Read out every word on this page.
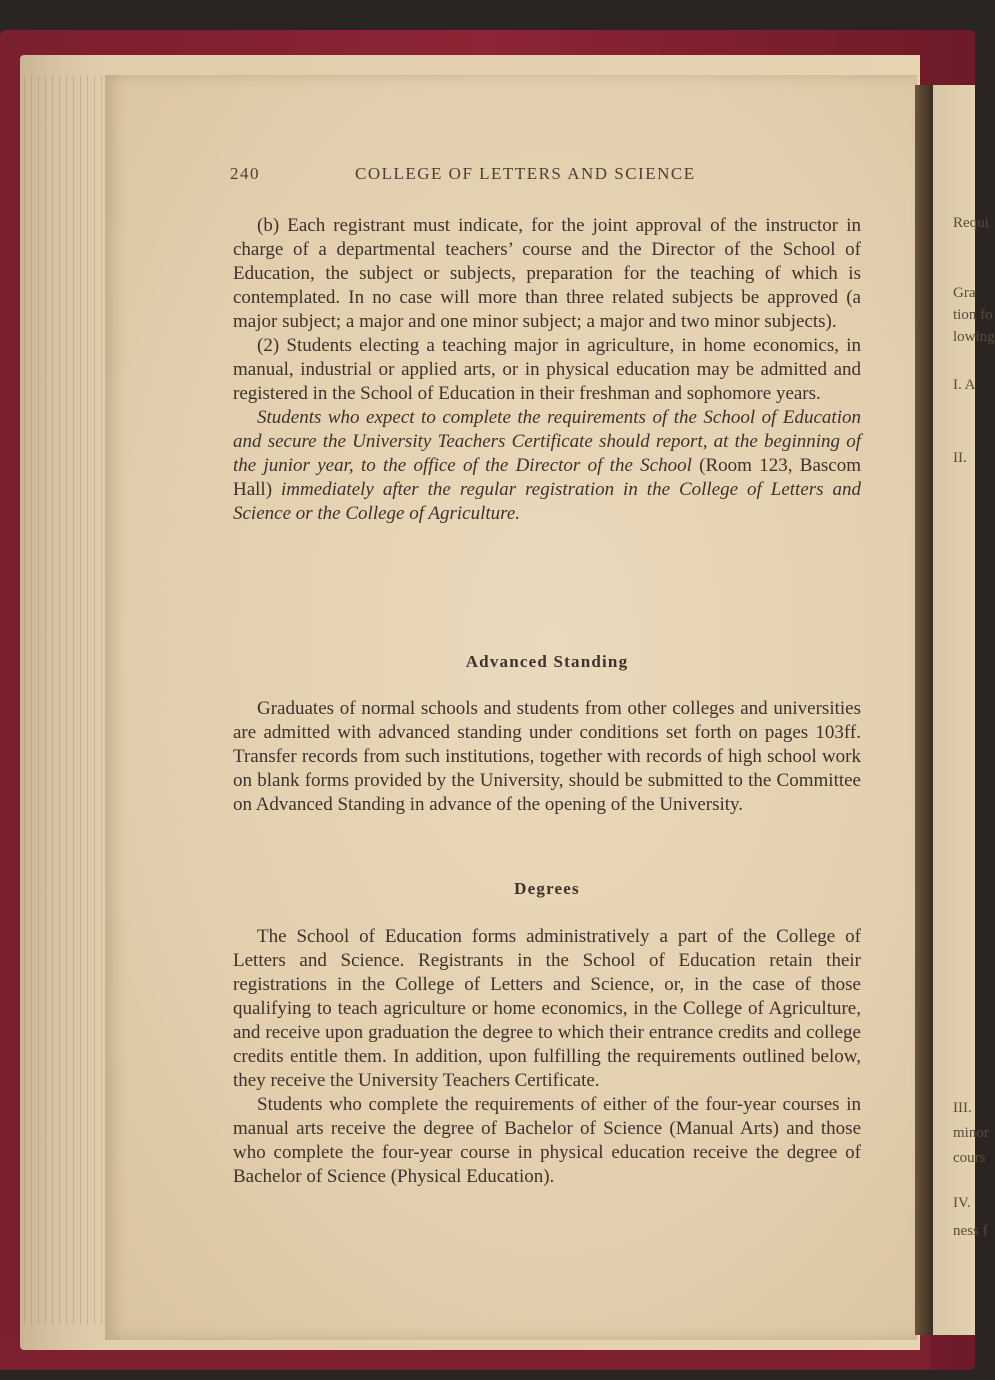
Requi
Gra
tion fo
lowing
I. A
II.
III.
minor
cours
IV.
ness f
240	COLLEGE OF LETTERS AND SCIENCE

(b) Each registrant must indicate, for the joint approval of the instructor in charge of a departmental teachers’ course and the Director of the School of Education, the subject or subjects, preparation for the teaching of which is contemplated. In no case will more than three related subjects be approved (a major subject; a major and one minor subject; a major and two minor subjects).

(2) Students electing a teaching major in agriculture, in home economics, in manual, industrial or applied arts, or in physical education may be admitted and registered in the School of Education in their freshman and sophomore years.

Students who expect to complete the requirements of the School of Education and secure the University Teachers Certificate should report, at the beginning of the junior year, to the office of the Director of the School (Room 123, Bascom Hall) immediately after the regular registration in the College of Letters and Science or the College of Agriculture.

Advanced Standing

Graduates of normal schools and students from other colleges and universities are admitted with advanced standing under conditions set forth on pages 103ff. Transfer records from such institutions, together with records of high school work on blank forms provided by the University, should be submitted to the Committee on Advanced Standing in advance of the opening of the University.

Degrees

The School of Education forms administratively a part of the College of Letters and Science. Registrants in the School of Education retain their registrations in the College of Letters and Science, or, in the case of those qualifying to teach agriculture or home economics, in the College of Agriculture, and receive upon graduation the degree to which their entrance credits and college credits entitle them. In addition, upon fulfilling the requirements outlined below, they receive the University Teachers Certificate.

Students who complete the requirements of either of the four-year courses in manual arts receive the degree of Bachelor of Science (Manual Arts) and those who complete the four-year course in physical education receive the degree of Bachelor of Science (Physical Education).
